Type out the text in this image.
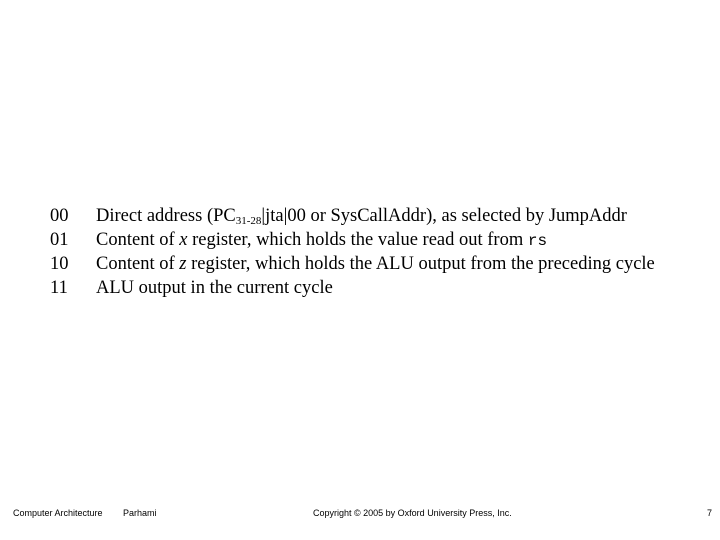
00	Direct address (PC31-28|jta|00 or SysCallAddr), as selected by JumpAddr
01	Content of x register, which holds the value read out from rs
10	Content of z register, which holds the ALU output from the preceding cycle
11	ALU output in the current cycle
Computer Architecture Parhami	Copyright © 2005 by Oxford University Press, Inc.	7
